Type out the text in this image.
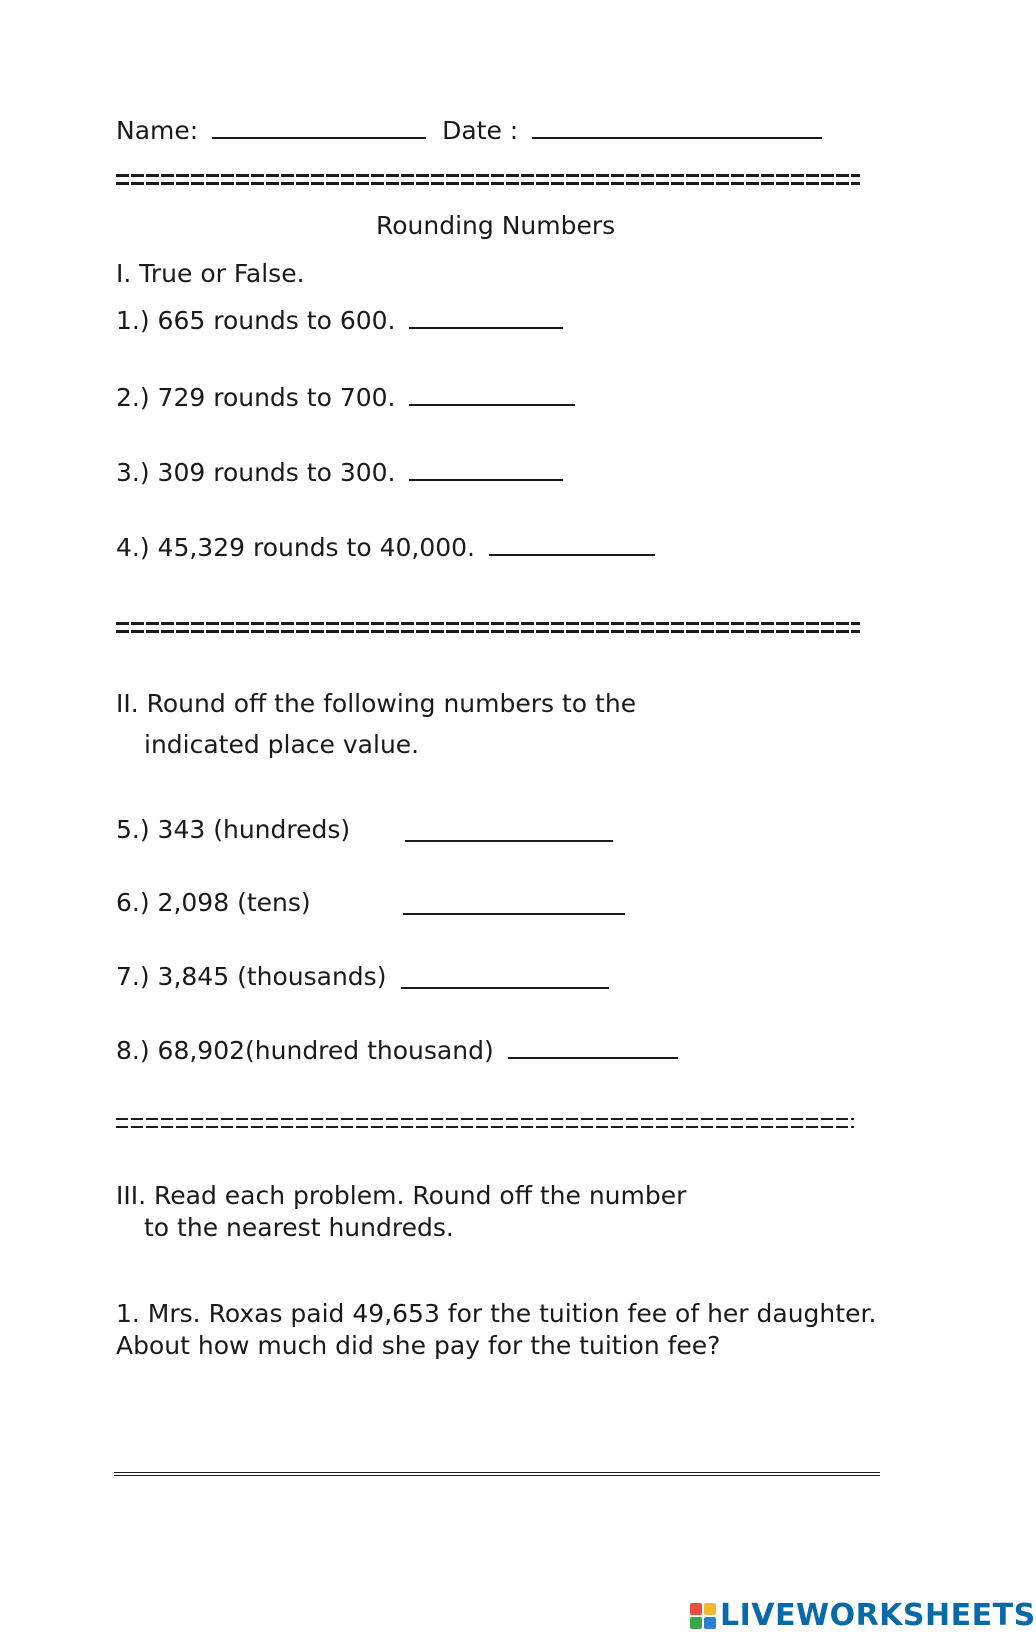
Name:	Date :
Rounding Numbers
I. True or False.
1.) 665 rounds to 600.
2.) 729 rounds to 700.
3.) 309 rounds to 300.
4.) 45,329 rounds to 40,000.
II. Round off the following numbers to the
indicated place value.
5.) 343 (hundreds)
6.) 2,098 (tens)
7.) 3,845 (thousands)
8.) 68,902(hundred thousand)
III. Read each problem. Round off the number
to the nearest hundreds.
1. Mrs. Roxas paid 49,653 for the tuition fee of her daughter.
About how much did she pay for the tuition fee?
LIVEWORKSHEETS
